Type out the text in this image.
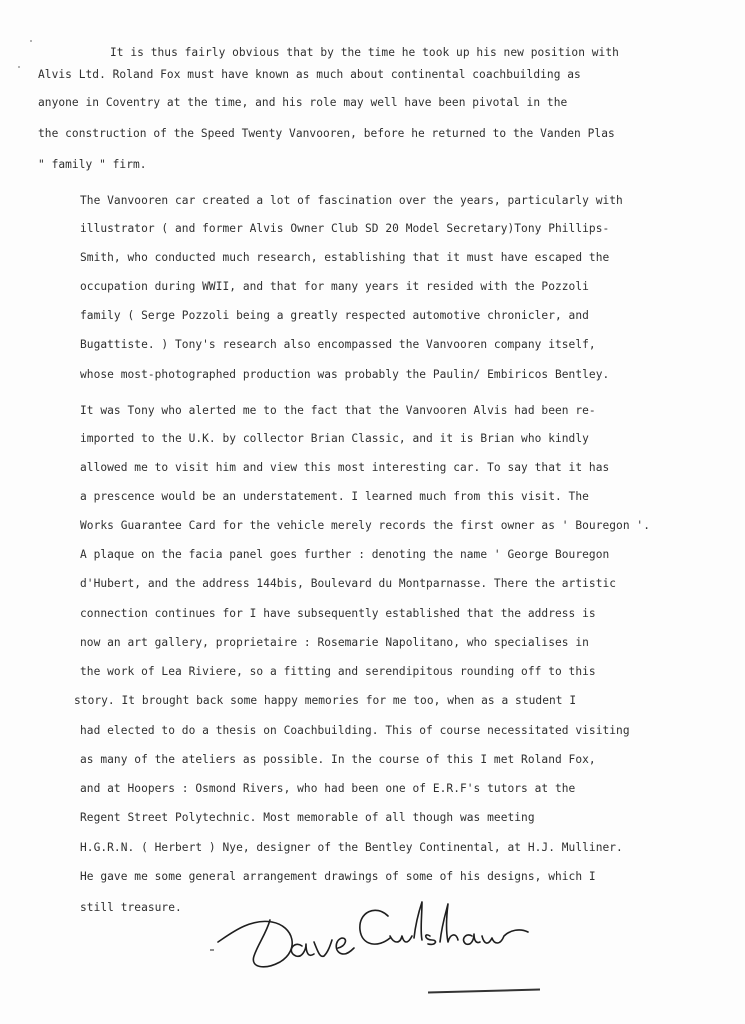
It is thus fairly obvious that by the time he took up his new position with
Alvis Ltd. Roland Fox must have known as much about continental coachbuilding as
anyone in Coventry at the time, and his role may well have been pivotal in the
the construction of the Speed Twenty Vanvooren, before he returned to the Vanden Plas
" family " firm.
The Vanvooren car created a lot of fascination over the years, particularly with
illustrator ( and former Alvis Owner Club SD 20 Model Secretary)Tony Phillips-
Smith, who conducted much research, establishing that it must have escaped the
occupation during WWII, and that for many years it resided with the Pozzoli
family ( Serge Pozzoli being a greatly respected automotive chronicler, and
Bugattiste. ) Tony's research also encompassed the Vanvooren company itself,
whose most-photographed production was probably the Paulin/ Embiricos Bentley.
It was Tony who alerted me to the fact that the Vanvooren Alvis had been re-
imported to the U.K. by collector Brian Classic, and it is Brian who kindly
allowed me to visit him and view this most interesting car. To say that it has
a prescence would be an understatement. I learned much from this visit. The
Works Guarantee Card for the vehicle merely records the first owner as ' Bouregon '.
A plaque on the facia panel goes further : denoting the name ' George Bouregon
d'Hubert, and the address 144bis, Boulevard du Montparnasse. There the artistic
connection continues for I have subsequently established that the address is
now an art gallery, proprietaire : Rosemarie Napolitano, who specialises in
the work of Lea Riviere, so a fitting and serendipitous rounding off to this
story. It brought back some happy memories for me too, when as a student I
had elected to do a thesis on Coachbuilding. This of course necessitated visiting
as many of the ateliers as possible. In the course of this I met Roland Fox,
and at Hoopers : Osmond Rivers, who had been one of E.R.F's tutors at the
Regent Street Polytechnic. Most memorable of all though was meeting
H.G.R.N. ( Herbert ) Nye, designer of the Bentley Continental, at H.J. Mulliner.
He gave me some general arrangement drawings of some of his designs, which I
still treasure.
